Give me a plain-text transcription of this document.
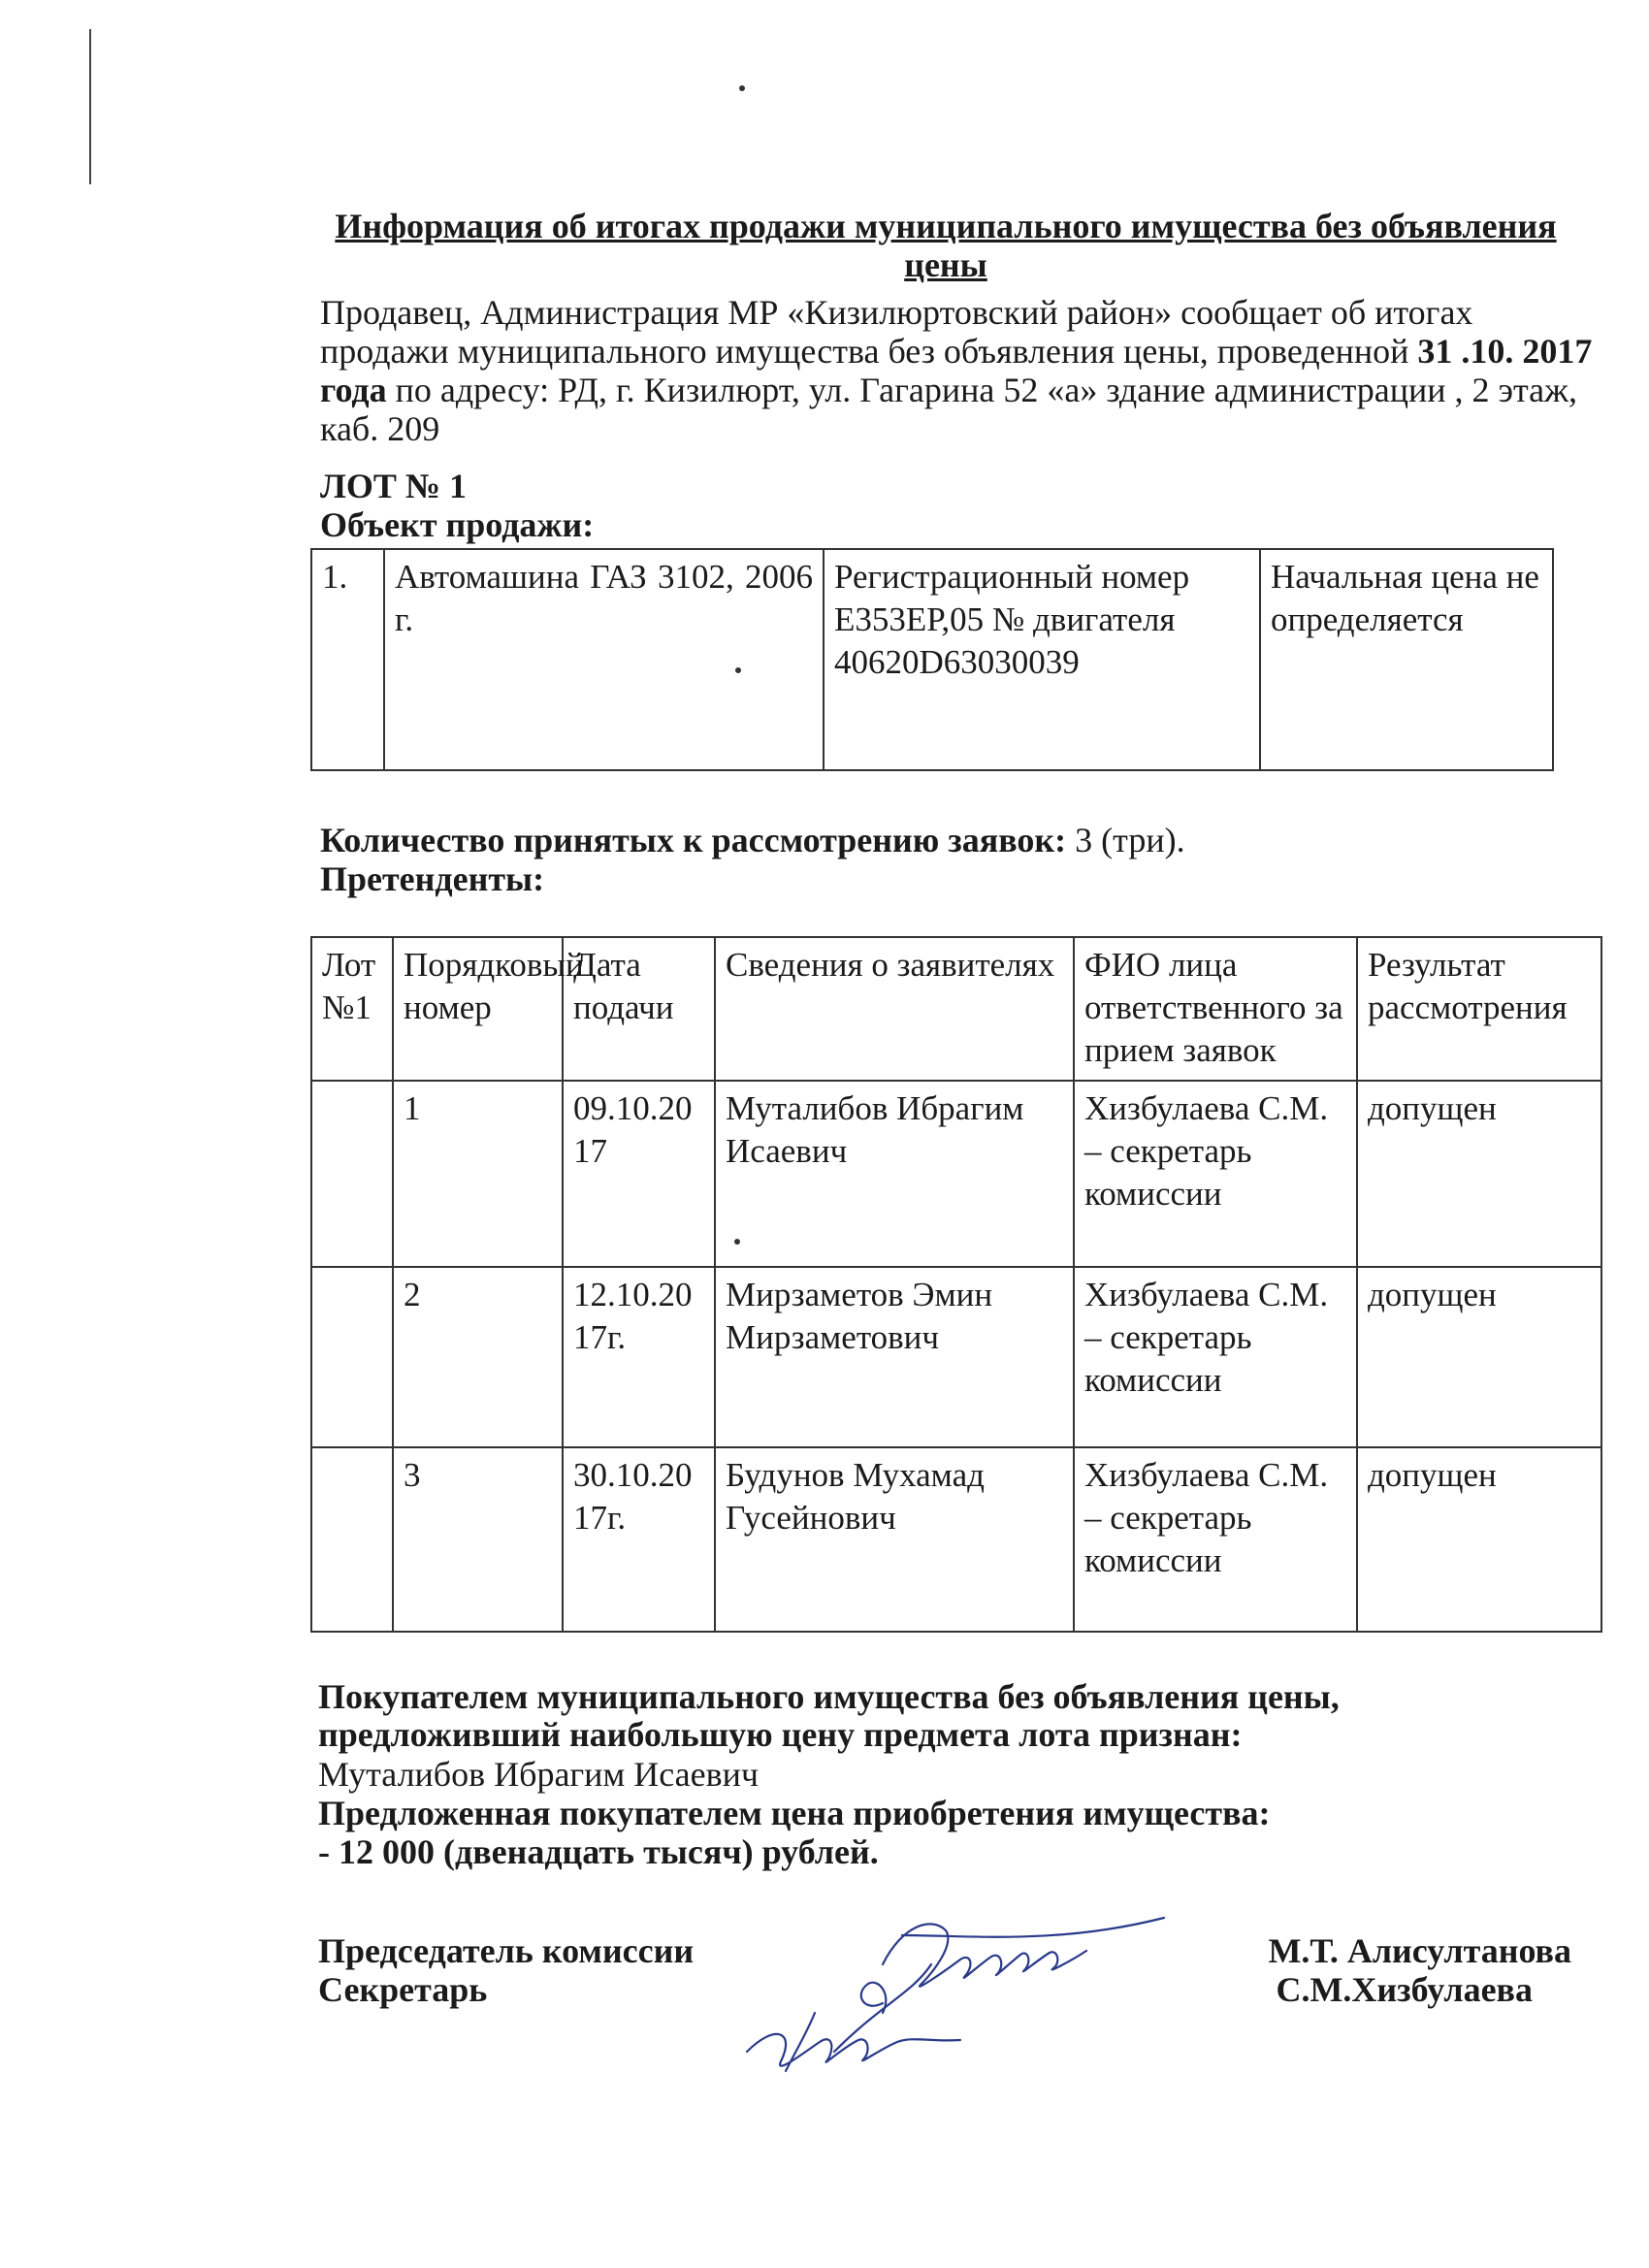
Информация об итогах продажи муниципального имущества без объявления цены
Продавец, Администрация МР «Кизилюртовский район» сообщает об итогах продажи муниципального имущества без объявления цены, проведенной 31 .10. 2017 года по адресу: РД, г. Кизилюрт, ул. Гагарина 52 «а» здание администрации , 2 этаж, каб. 209
ЛОТ № 1
Объект продажи:
1.	Автомашина ГАЗ 3102, 2006 г.	Регистрационный номер Е353ЕР,05 № двигателя 40620D63030039	Начальная цена не определяется
Количество принятых к рассмотрению заявок: 3 (три).
Претенденты:
Лот №1	Порядковый номер	Дата подачи	Сведения о заявителях	ФИО лица ответственного за прием заявок	Результат рассмотрения
	1	09.10.2017	Муталибов Ибрагим Исаевич	Хизбулаева С.М. – секретарь комиссии	допущен
	2	12.10.2017г.	Мирзаметов Эмин Мирзаметович	Хизбулаева С.М. – секретарь комиссии	допущен
	3	30.10.2017г.	Будунов Мухамад Гусейнович	Хизбулаева С.М. – секретарь комиссии	допущен
Покупателем муниципального имущества без объявления цены, предложивший наибольшую цену предмета лота признан:
Муталибов Ибрагим Исаевич
Предложенная покупателем цена приобретения имущества:
- 12 000 (двенадцать тысяч) рублей.
Председатель комиссии
Секретарь
М.Т. Алисултанова
С.М.Хизбулаева
